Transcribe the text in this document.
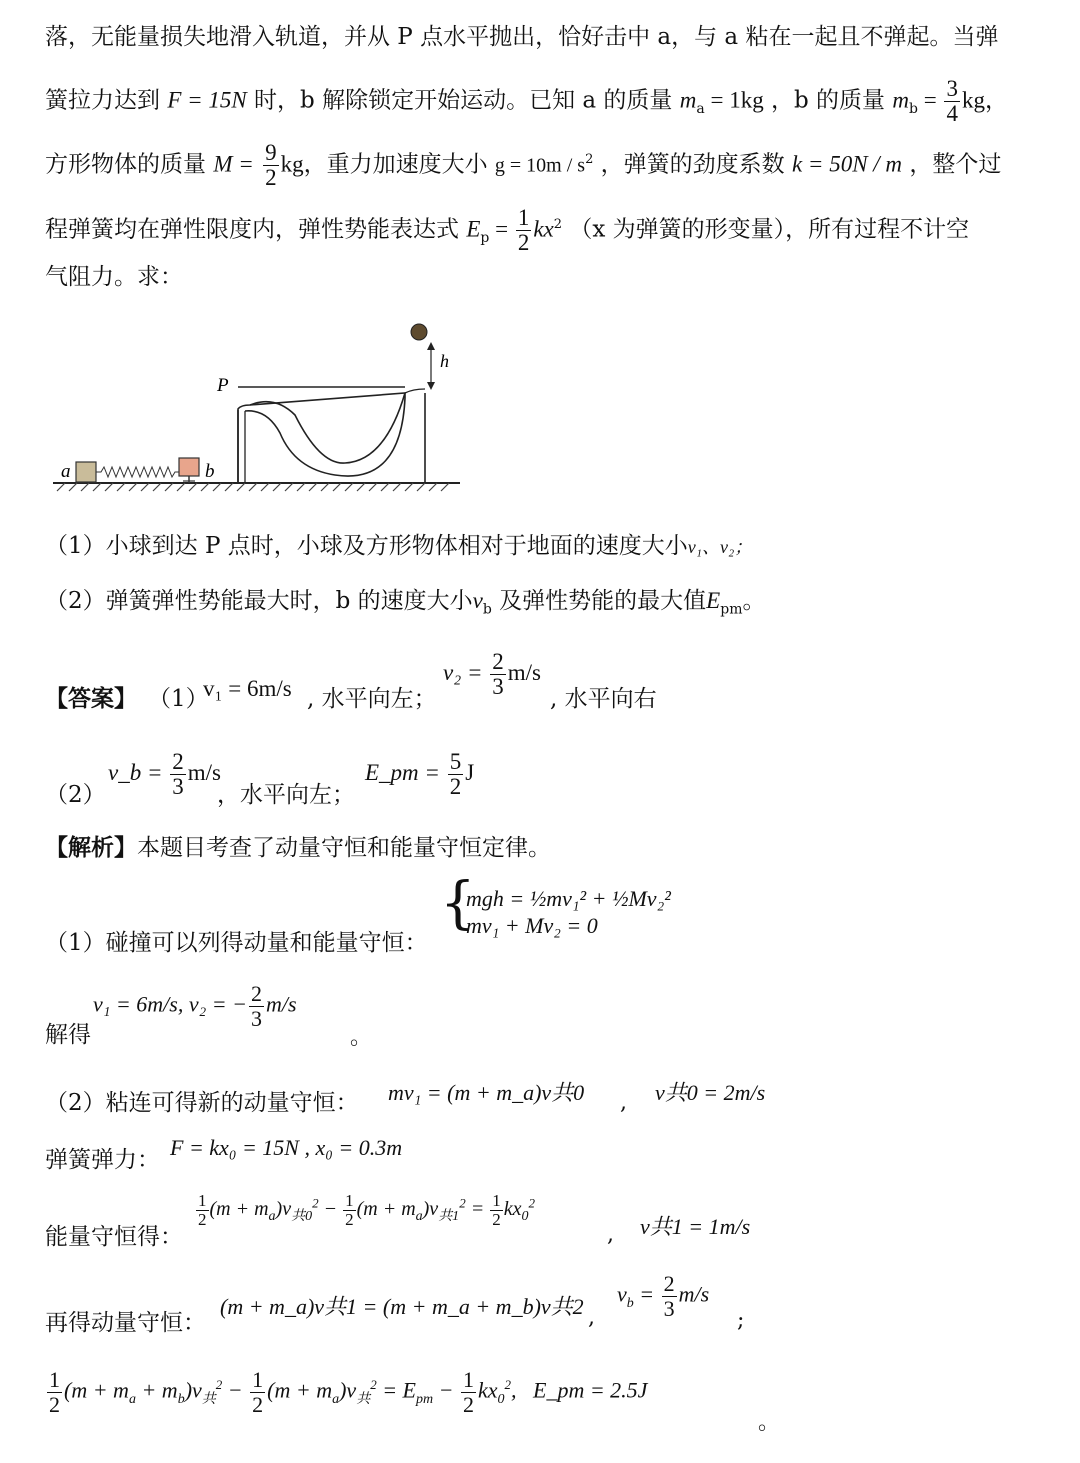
落，无能量损失地滑入轨道，并从 P 点水平抛出，恰好击中 a，与 a 粘在一起且不弹起。当弹
簧拉力达到 F = 15N 时，b 解除锁定开始运动。已知 a 的质量 $m_a = 1kg$ ，b 的质量 $m_b = \frac{3}{4}$ kg，
方形物体的质量 $M = \frac{9}{2}$ kg，重力加速度大小 $g = 10m / s^2$ ，弹簧的劲度系数 k = 50N / m ，整个过
程弹簧均在弹性限度内，弹性势能表达式 $E_p = \frac{1}{2} kx^2$ （x 为弹簧的形变量），所有过程不计空
气阻力。求：
h
P
a	b
（1）小球到达 P 点时，小球及方形物体相对于地面的速度大小v₁、v₂；
（2）弹簧弹性势能最大时，b 的速度大小$v_b$ 及弹性势能的最大值$E_{pm}$。
【答案】 （1）
v₁ = 6m/s , 水平向左；
$v_2 = \frac{2}{3} m/s$
, 水平向右
（2）
v_b = $\frac{2}{3} m/s$
，水平向左；
E_pm = $\frac{5}{2}$ J
【解析】本题目考查了动量守恒和能量守恒定律。
（1）碰撞可以列得动量和能量守恒：
{
mgh = ½mv₁² + ½Mv₂²
mv₁ + Mv₂ = 0
解得
v₁ = 6m/s, v₂ = − $\frac{2}{3} m/s$
。
（2）粘连可得新的动量守恒： mv₁ = (m + m_a)v共0 , v共0 = 2m/s
弹簧弹力： F = kx₀ = 15N , x₀ = 0.3m
能量守恒得：
$\frac{1}{2} (m + m_a)v_{共0}^2 - \frac{1}{2} (m + m_a)v_{共1}^2 = \frac{1}{2} kx_0^2$
, v共1 = 1m/s
再得动量守恒：
(m + m_a)v共1 = (m + m_a + m_b)v共2 ,
$v_b = \frac{2}{3} m/s$
;
$\frac{1}{2} (m + m_a + m_b)v_共^2 - \frac{1}{2} (m + m_a)v_共^2 = E_{pm} - \frac{1}{2} kx_0^2$,   E_pm = 2.5J
。
